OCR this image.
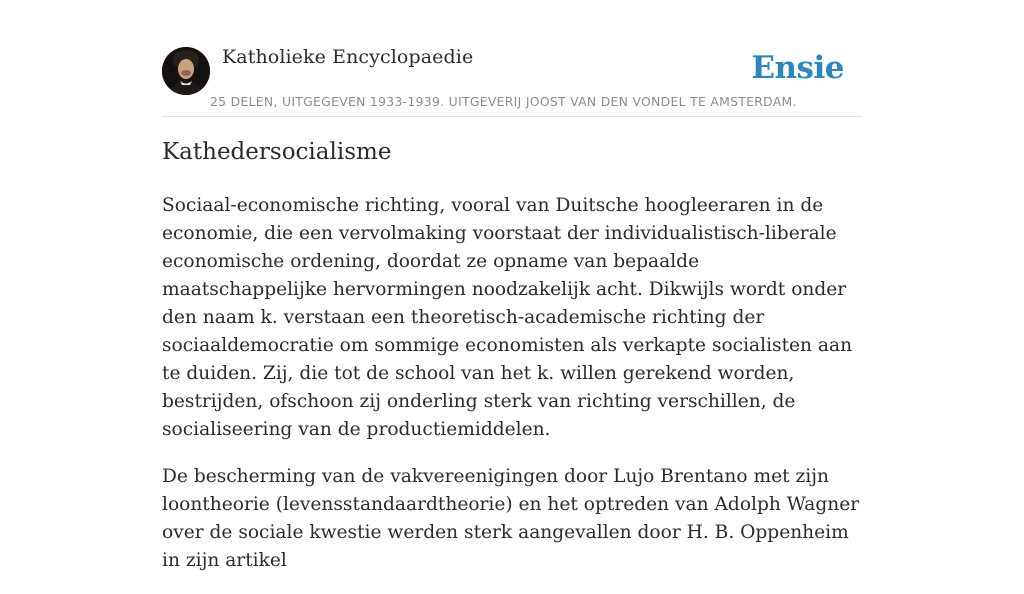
Katholieke Encyclopaedie	Ensie
25 DELEN, UITGEGEVEN 1933-1939. UITGEVERIJ JOOST VAN DEN VONDEL TE AMSTERDAM.
Kathedersocialisme

Sociaal-economische richting, vooral van Duitsche hoogleeraren in de economie, die een vervolmaking voorstaat der individualistisch-liberale economische ordening, doordat ze opname van bepaalde maatschappelijke hervormingen noodzakelijk acht. Dikwijls wordt onder den naam k. verstaan een theoretisch-academische richting der sociaaldemocratie om sommige economisten als verkapte socialisten aan te duiden. Zij, die tot de school van het k. willen gerekend worden, bestrijden, ofschoon zij onderling sterk van richting verschillen, de socialiseering van de productiemiddelen.

De bescherming van de vakvereenigingen door Lujo Brentano met zijn loontheorie (levensstandaardtheorie) en het optreden van Adolph Wagner over de sociale kwestie werden sterk aangevallen door H. B. Oppenheim in zijn artikel
